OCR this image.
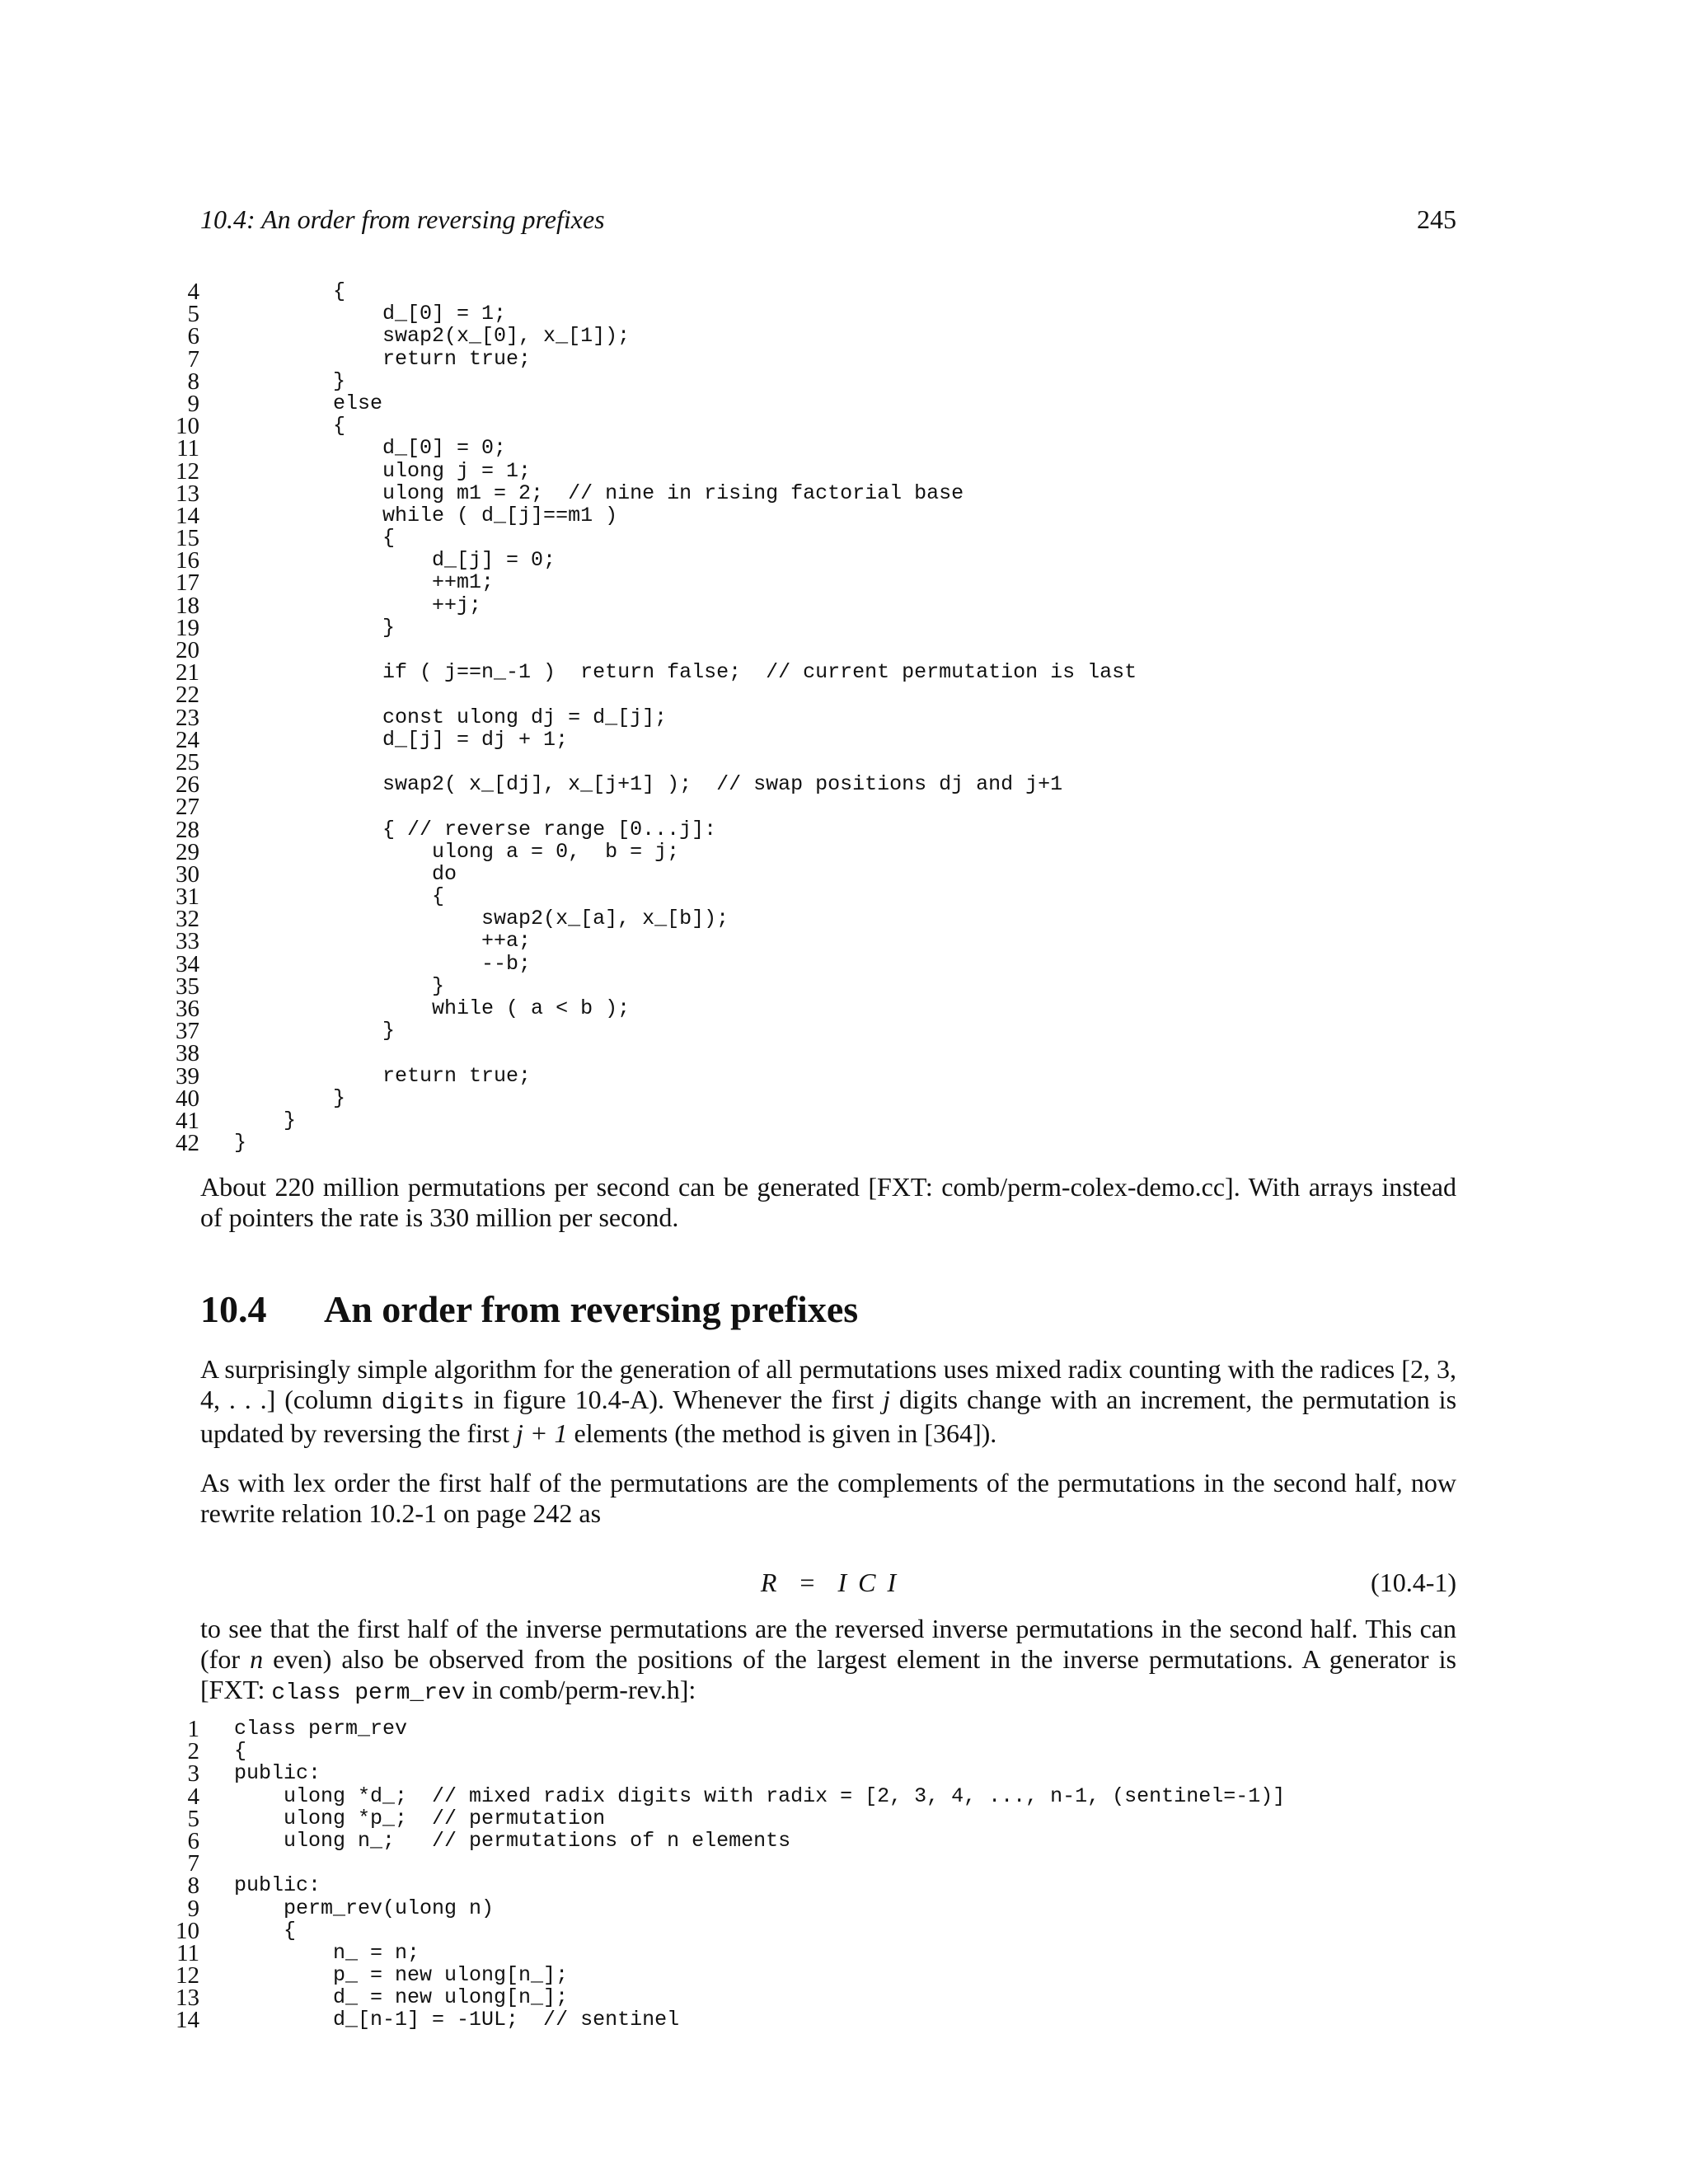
10.4: An order from reversing prefixes	245
4 {
5 d_[0] = 1;
6 swap2(x_[0], x_[1]);
7 return true;
8 }
9 else
10 {
11 d_[0] = 0;
12 ulong j = 1;
13 ulong m1 = 2;  // nine in rising factorial base
14 while ( d_[j]==m1 )
15 {
16 d_[j] = 0;
17 ++m1;
18 ++j;
19 }
20
21 if ( j==n_-1 )  return false;  // current permutation is last
22
23 const ulong dj = d_[j];
24 d_[j] = dj + 1;
25
26 swap2( x_[dj], x_[j+1] );  // swap positions dj and j+1
27
28 { // reverse range [0...j]:
29 ulong a = 0,  b = j;
30 do
31 {
32 swap2(x_[a], x_[b]);
33 ++a;
34 --b;
35 }
36 while ( a < b );
37 }
38
39 return true;
40 }
41 }
42 }

About 220 million permutations per second can be generated [FXT: comb/perm-colex-demo.cc]. With arrays instead of pointers the rate is 330 million per second.

10.4 An order from reversing prefixes

A surprisingly simple algorithm for the generation of all permutations uses mixed radix counting with the radices [2, 3, 4, . . .] (column digits in figure 10.4-A). Whenever the first j digits change with an increment, the permutation is updated by reversing the first j + 1 elements (the method is given in [364]).

As with lex order the first half of the permutations are the complements of the permutations in the second half, now rewrite relation 10.2-1 on page 242 as

R = I C I	(10.4-1)

to see that the first half of the inverse permutations are the reversed inverse permutations in the second half. This can (for n even) also be observed from the positions of the largest element in the inverse permutations. A generator is [FXT: class perm_rev in comb/perm-rev.h]:

1 class perm_rev
2 {
3 public:
4 ulong *d_;  // mixed radix digits with radix = [2, 3, 4, ..., n-1, (sentinel=-1)]
5 ulong *p_;  // permutation
6 ulong n_;   // permutations of n elements
7
8 public:
9 perm_rev(ulong n)
10 {
11 n_ = n;
12 p_ = new ulong[n_];
13 d_ = new ulong[n_];
14 d_[n-1] = -1UL;  // sentinel
